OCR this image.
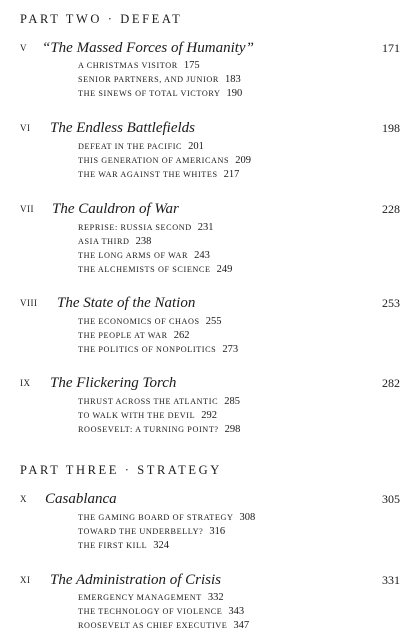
PART TWO · DEFEAT
V “The Massed Forces of Humanity”	171
A CHRISTMAS VISITOR 175
SENIOR PARTNERS, AND JUNIOR 183
THE SINEWS OF TOTAL VICTORY 190
VI The Endless Battlefields	198
DEFEAT IN THE PACIFIC 201
THIS GENERATION OF AMERICANS 209
THE WAR AGAINST THE WHITES 217
VII The Cauldron of War	228
REPRISE: RUSSIA SECOND 231
ASIA THIRD 238
THE LONG ARMS OF WAR 243
THE ALCHEMISTS OF SCIENCE 249
VIII The State of the Nation	253
THE ECONOMICS OF CHAOS 255
THE PEOPLE AT WAR 262
THE POLITICS OF NONPOLITICS 273
IX The Flickering Torch	282
THRUST ACROSS THE ATLANTIC 285
TO WALK WITH THE DEVIL 292
ROOSEVELT: A TURNING POINT? 298
PART THREE · STRATEGY
X Casablanca	305
THE GAMING BOARD OF STRATEGY 308
TOWARD THE UNDERBELLY? 316
THE FIRST KILL 324
XI The Administration of Crisis	331
EMERGENCY MANAGEMENT 332
THE TECHNOLOGY OF VIOLENCE 343
ROOSEVELT AS CHIEF EXECUTIVE 347
